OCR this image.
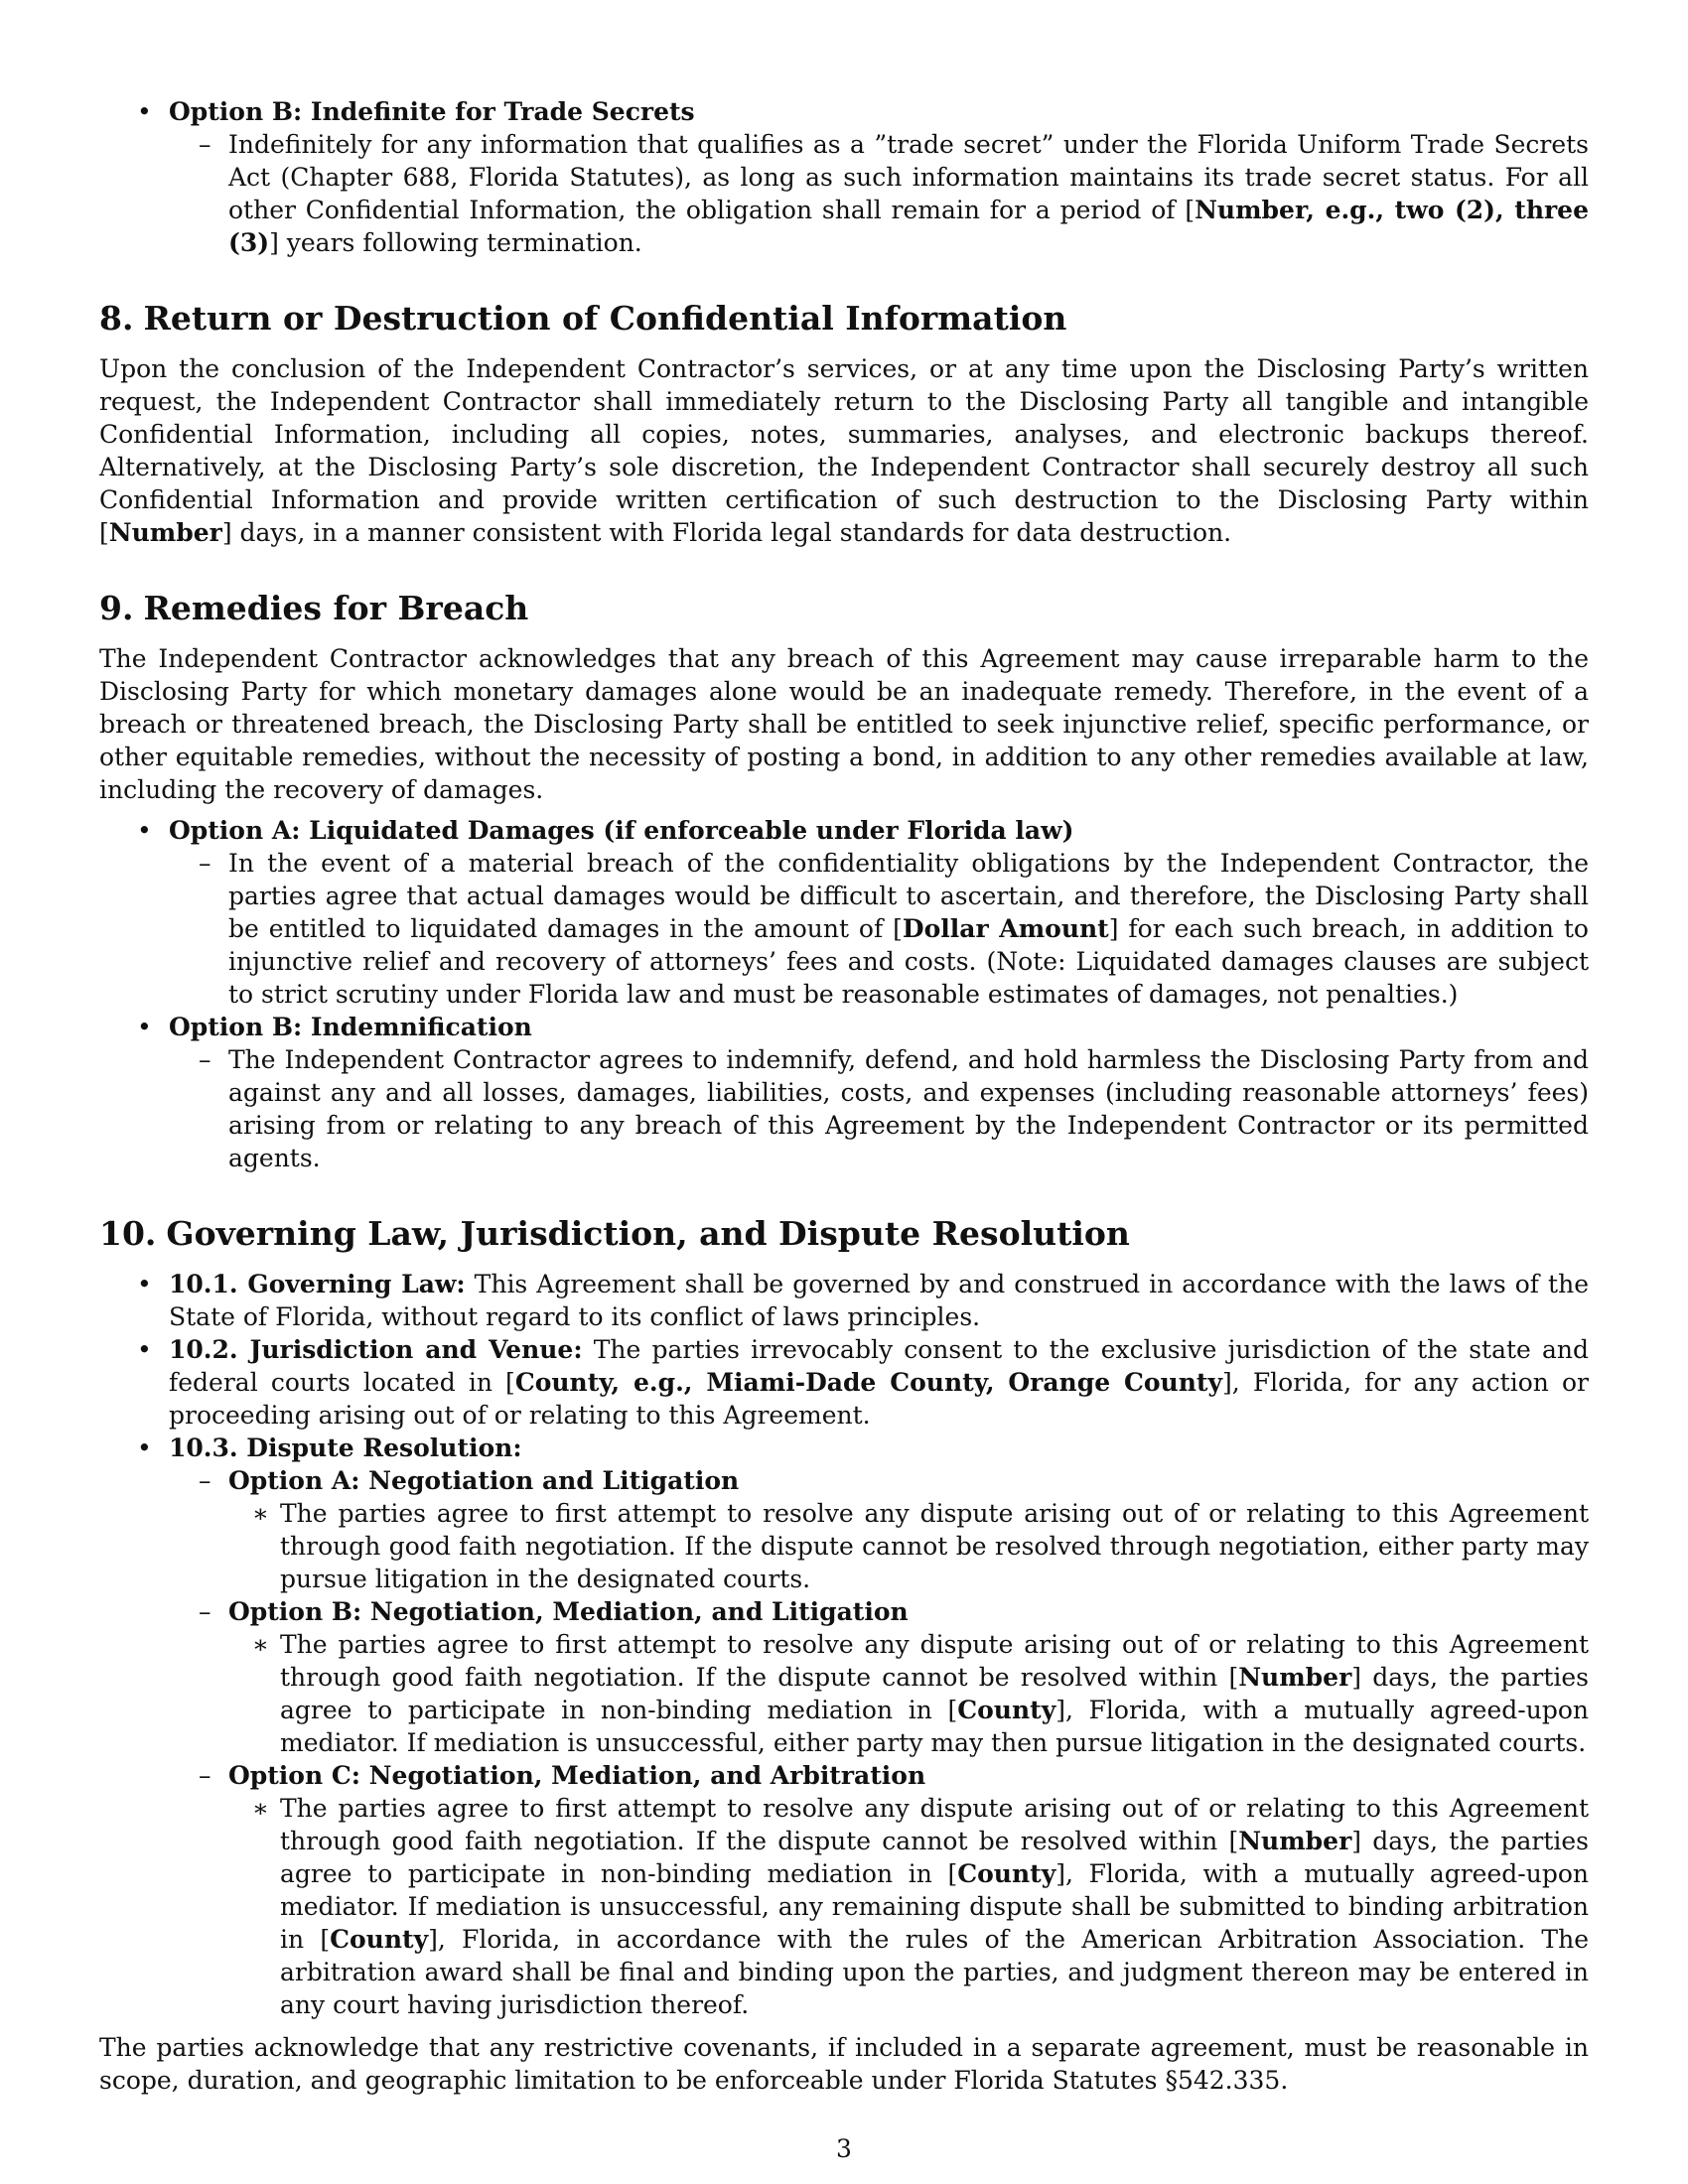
• Option B: Indefinite for Trade Secrets
– Indefinitely for any information that qualifies as a ”trade secret” under the Florida Uniform Trade Secrets Act (Chapter 688, Florida Statutes), as long as such information maintains its trade secret status. For all other Confidential Information, the obligation shall remain for a period of [Number, e.g., two (2), three (3)] years following termination.
8. Return or Destruction of Confidential Information

Upon the conclusion of the Independent Contractor’s services, or at any time upon the Disclosing Party’s written request, the Independent Contractor shall immediately return to the Disclosing Party all tangible and intangible Confidential Information, including all copies, notes, summaries, analyses, and electronic backups thereof. Alternatively, at the Disclosing Party’s sole discretion, the Independent Contractor shall securely destroy all such Confidential Information and provide written certification of such destruction to the Disclosing Party within [Number] days, in a manner consistent with Florida legal standards for data destruction.

9. Remedies for Breach

The Independent Contractor acknowledges that any breach of this Agreement may cause irreparable harm to the Disclosing Party for which monetary damages alone would be an inadequate remedy. Therefore, in the event of a breach or threatened breach, the Disclosing Party shall be entitled to seek injunctive relief, specific performance, or other equitable remedies, without the necessity of posting a bond, in addition to any other remedies available at law, including the recovery of damages.

• Option A: Liquidated Damages (if enforceable under Florida law)
– In the event of a material breach of the confidentiality obligations by the Independent Contractor, the parties agree that actual damages would be difficult to ascertain, and therefore, the Disclosing Party shall be entitled to liquidated damages in the amount of [Dollar Amount] for each such breach, in addition to injunctive relief and recovery of attorneys’ fees and costs. (Note: Liquidated damages clauses are subject to strict scrutiny under Florida law and must be reasonable estimates of damages, not penalties.)
• Option B: Indemnification
– The Independent Contractor agrees to indemnify, defend, and hold harmless the Disclosing Party from and against any and all losses, damages, liabilities, costs, and expenses (including reasonable attorneys’ fees) arising from or relating to any breach of this Agreement by the Independent Contractor or its permitted agents.
10. Governing Law, Jurisdiction, and Dispute Resolution
• 10.1. Governing Law: This Agreement shall be governed by and construed in accordance with the laws of the State of Florida, without regard to its conflict of laws principles.
• 10.2. Jurisdiction and Venue: The parties irrevocably consent to the exclusive jurisdiction of the state and federal courts located in [County, e.g., Miami-Dade County, Orange County], Florida, for any action or proceeding arising out of or relating to this Agreement.
• 10.3. Dispute Resolution:
– Option A: Negotiation and Litigation
∗ The parties agree to first attempt to resolve any dispute arising out of or relating to this Agreement through good faith negotiation. If the dispute cannot be resolved through negotiation, either party may pursue litigation in the designated courts.
– Option B: Negotiation, Mediation, and Litigation
∗ The parties agree to first attempt to resolve any dispute arising out of or relating to this Agreement through good faith negotiation. If the dispute cannot be resolved within [Number] days, the parties agree to participate in non-binding mediation in [County], Florida, with a mutually agreed-upon mediator. If mediation is unsuccessful, either party may then pursue litigation in the designated courts.
– Option C: Negotiation, Mediation, and Arbitration
∗ The parties agree to first attempt to resolve any dispute arising out of or relating to this Agreement through good faith negotiation. If the dispute cannot be resolved within [Number] days, the parties agree to participate in non-binding mediation in [County], Florida, with a mutually agreed-upon mediator. If mediation is unsuccessful, any remaining dispute shall be submitted to binding arbitration in [County], Florida, in accordance with the rules of the American Arbitration Association. The arbitration award shall be final and binding upon the parties, and judgment thereon may be entered in any court having jurisdiction thereof.

The parties acknowledge that any restrictive covenants, if included in a separate agreement, must be reasonable in scope, duration, and geographic limitation to be enforceable under Florida Statutes §542.335.

3
